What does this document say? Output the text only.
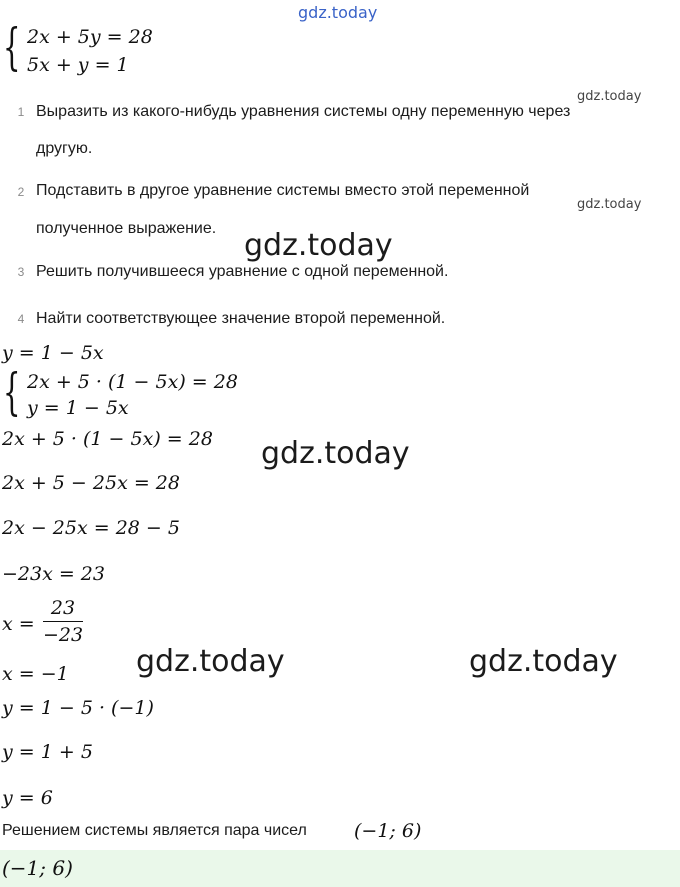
gdz.today
{ 2x + 5y = 28
5x + y = 1
gdz.today
1 Выразить из какого-нибудь уравнения системы одну переменную через
другую.
2 Подставить в другое уравнение системы вместо этой переменной
gdz.today
полученное выражение. gdz.today
3 Решить получившееся уравнение с одной переменной.
4 Найти соответствующее значение второй переменной.
y = 1 − 5x
{ 2x + 5 · (1 − 5x) = 28
y = 1 − 5x
2x + 5 · (1 − 5x) = 28 gdz.today
2x + 5 − 25x = 28
2x − 25x = 28 − 5
−23x = 23
x =
23
−23
x = −1 gdz.today	gdz.today
y = 1 − 5 · (−1)
y = 1 + 5
y = 6
Решением системы является пара чисел (−1; 6)
(−1; 6)
